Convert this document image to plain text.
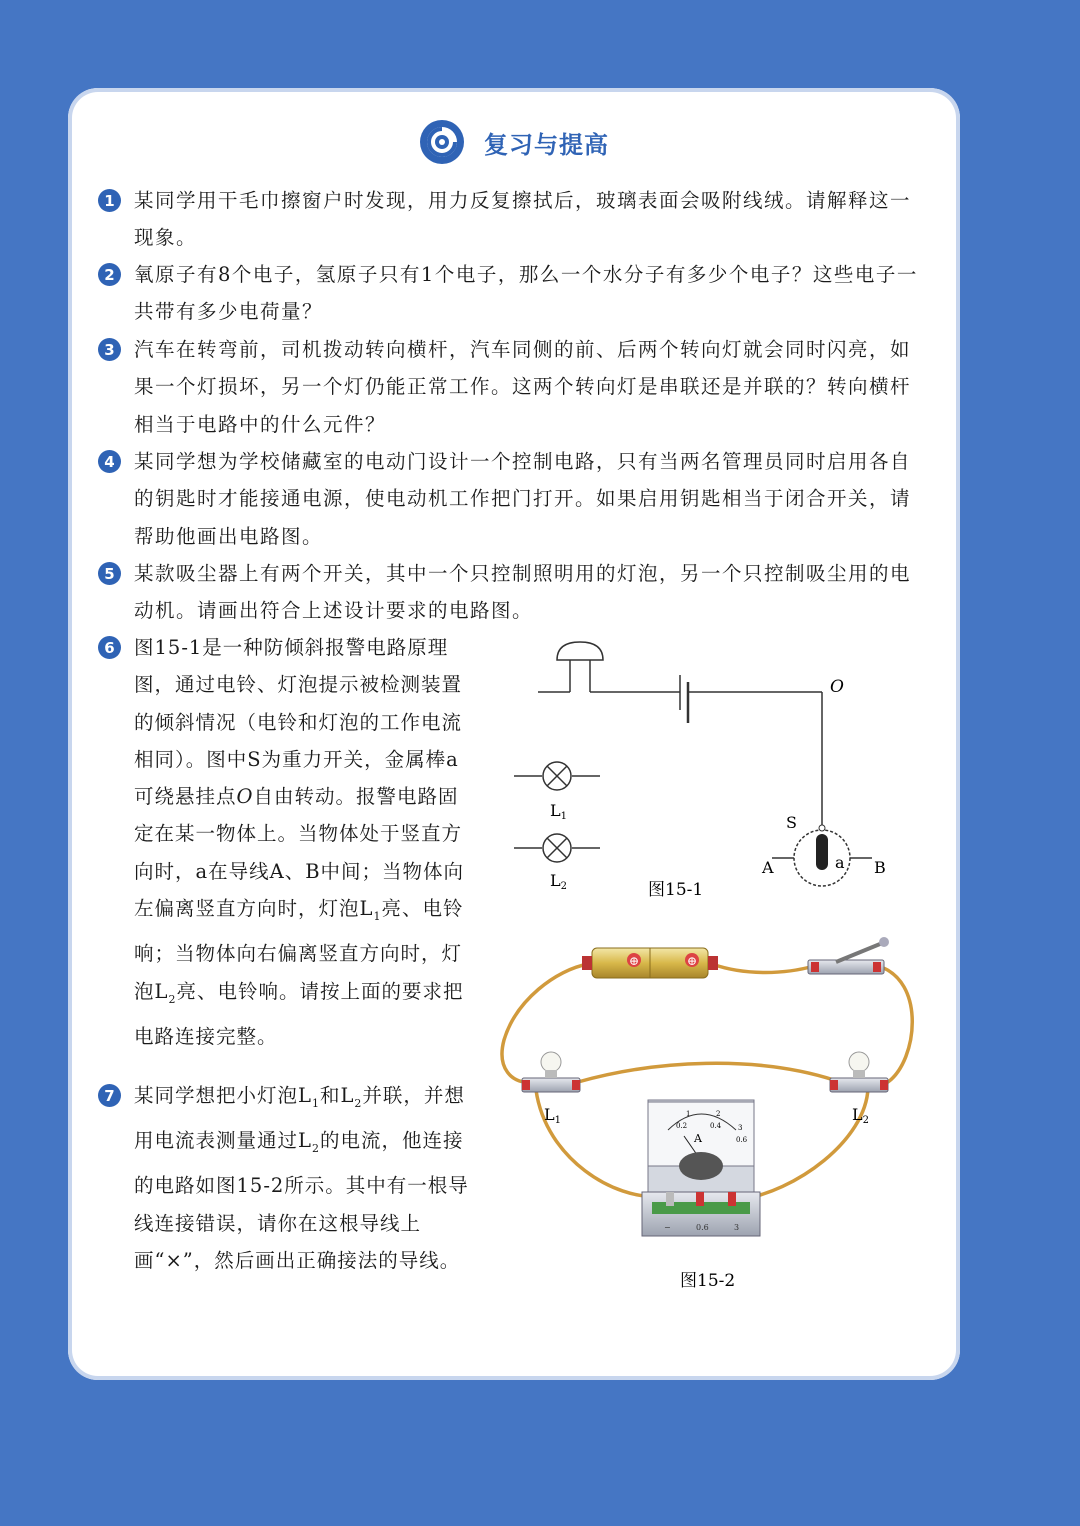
复习与提高
1 某同学用干毛巾擦窗户时发现，用力反复擦拭后，玻璃表面会吸附线绒。请解释这一现象。
2 氧原子有8个电子，氢原子只有1个电子，那么一个水分子有多少个电子？这些电子一共带有多少电荷量？
3 汽车在转弯前，司机拨动转向横杆，汽车同侧的前、后两个转向灯就会同时闪亮，如果一个灯损坏，另一个灯仍能正常工作。这两个转向灯是串联还是并联的？转向横杆相当于电路中的什么元件？
4 某同学想为学校储藏室的电动门设计一个控制电路，只有当两名管理员同时启用各自的钥匙时才能接通电源，使电动机工作把门打开。如果启用钥匙相当于闭合开关，请帮助他画出电路图。
5 某款吸尘器上有两个开关，其中一个只控制照明用的灯泡，另一个只控制吸尘用的电动机。请画出符合上述设计要求的电路图。
6 图15-1是一种防倾斜报警电路原理图，通过电铃、灯泡提示被检测装置的倾斜情况（电铃和灯泡的工作电流相同）。图中S为重力开关，金属棒a可绕悬挂点O自由转动。报警电路固定在某一物体上。当物体处于竖直方向时，a在导线A、B中间；当物体向左偏离竖直方向时，灯泡$L_1$亮、电铃响；当物体向右偏离竖直方向时，灯泡$L_2$亮、电铃响。请按上面的要求把电路连接完整。
7 某同学想把小灯泡$L_1$和$L_2$并联，并想用电流表测量通过$L_2$的电流，他连接的电路如图15-2所示。其中有一根导线连接错误，请你在这根导线上画“×”，然后画出正确接法的导线。
O
S
a
A	B
L1
L2	图15-1
⊕	⊕
L1	L2
A
0.2	0.4
0.6
1	2
3
−	0.6	3
图15-2
